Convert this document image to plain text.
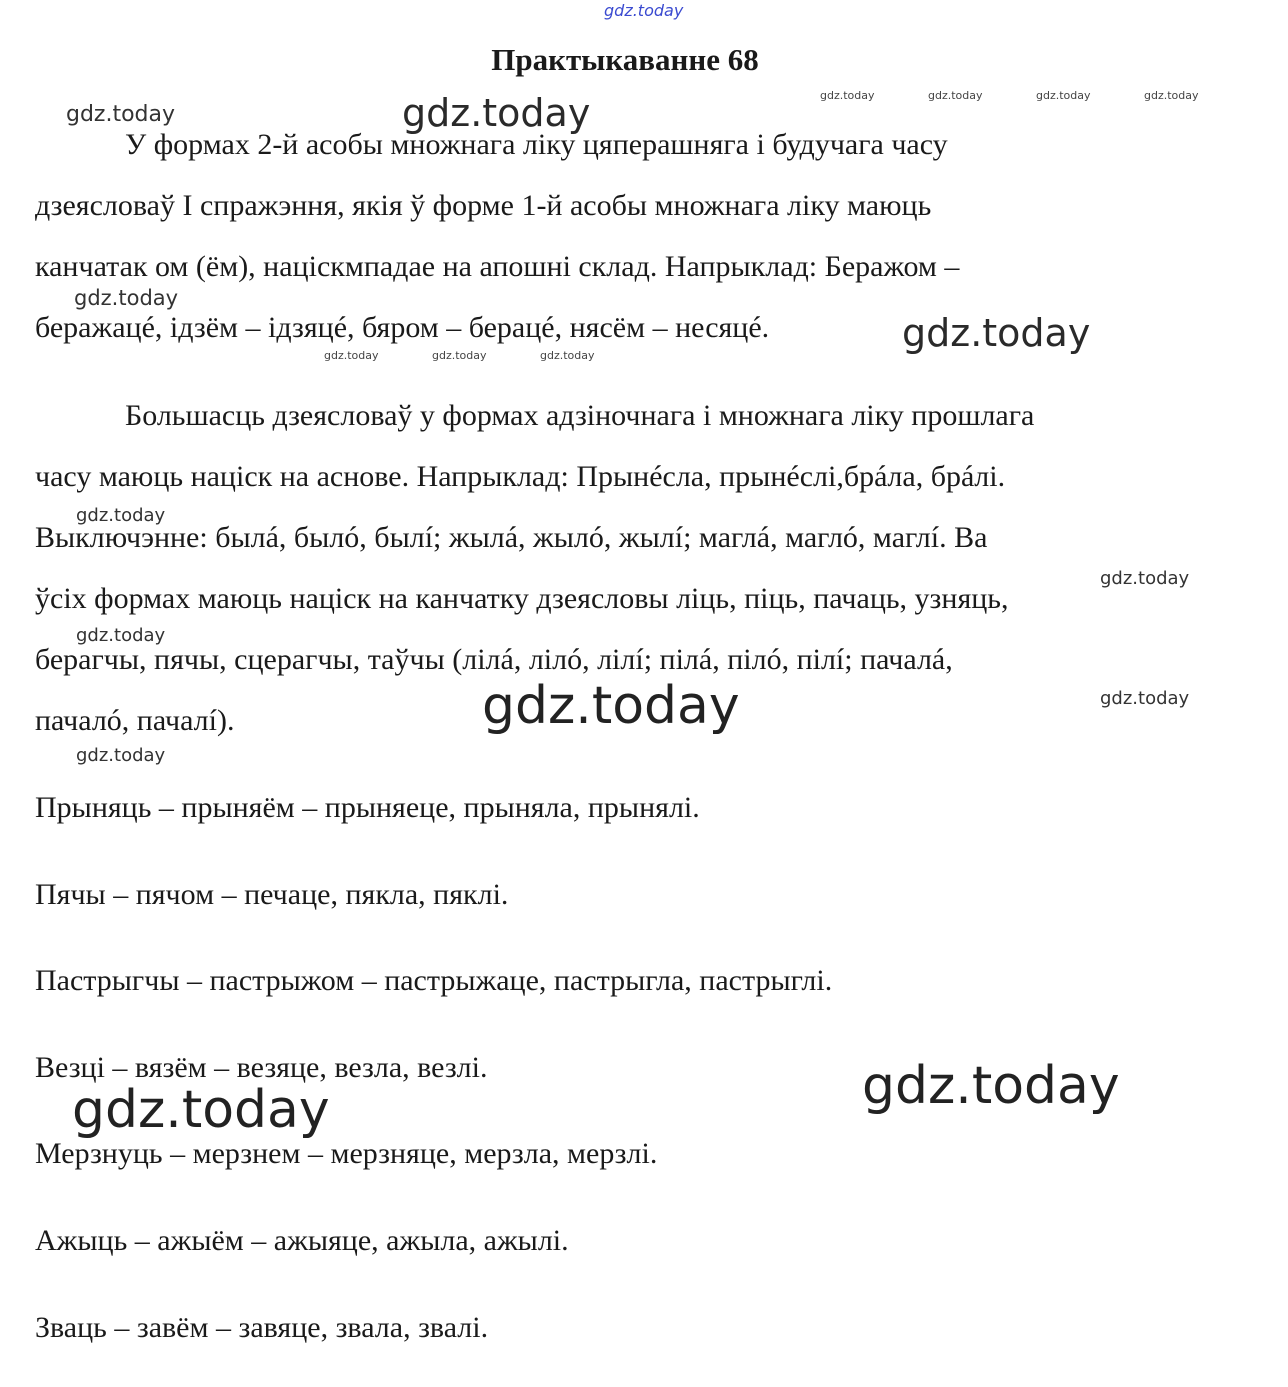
gdz.today
gdz.today	gdz.today	gdz.today	gdz.today	gdz.today	gdz.today
gdz.today
gdz.today
gdz.today	gdz.today	gdz.today
gdz.today
gdz.today
gdz.today
gdz.today	gdz.today
gdz.today
gdz.today
gdz.today
Практыкаванне 68

У формах 2-й асобы множнага ліку цяперашняга і будучага часу
дзеясловаў I спражэння, якія ў форме 1-й асобы множнага ліку маюць
канчатак ом (ём), націскмпадае на апошні склад. Напрыклад: Беражом –
беражацé, ідзём – ідзяцé, бяром – берацé, нясём – несяцé.

Большасць дзеясловаў у формах адзіночнага і множнага ліку прошлага
часу маюць націск на аснове. Напрыклад: Прынéсла, прынéслі,брáла, брáлі.
Выключэнне: былá, былó, былí; жылá, жылó, жылí; маглá, маглó, маглí. Ва
ўсіх формах маюць націск на канчатку дзеясловы ліць, піць, пачаць, узняць,
берагчы, пячы, сцерагчы, таўчы (лілá, лілó, лілí; пілá, пілó, пілí; пачалá,
пачалó, пачалí).

Прыняць – прыняём – прыняеце, прыняла, прынялі.
Пячы – пячом – печаце, пякла, пяклі.
Пастрыгчы – пастрыжом – пастрыжаце, пастрыгла, пастрыглі.
Везці – вязём – везяце, везла, везлі.
Мерзнуць – мерзнем – мерзняце, мерзла, мерзлі.
Ажыць – ажыём – ажыяце, ажыла, ажылі.
Зваць – завём – завяце, звала, звалі.
